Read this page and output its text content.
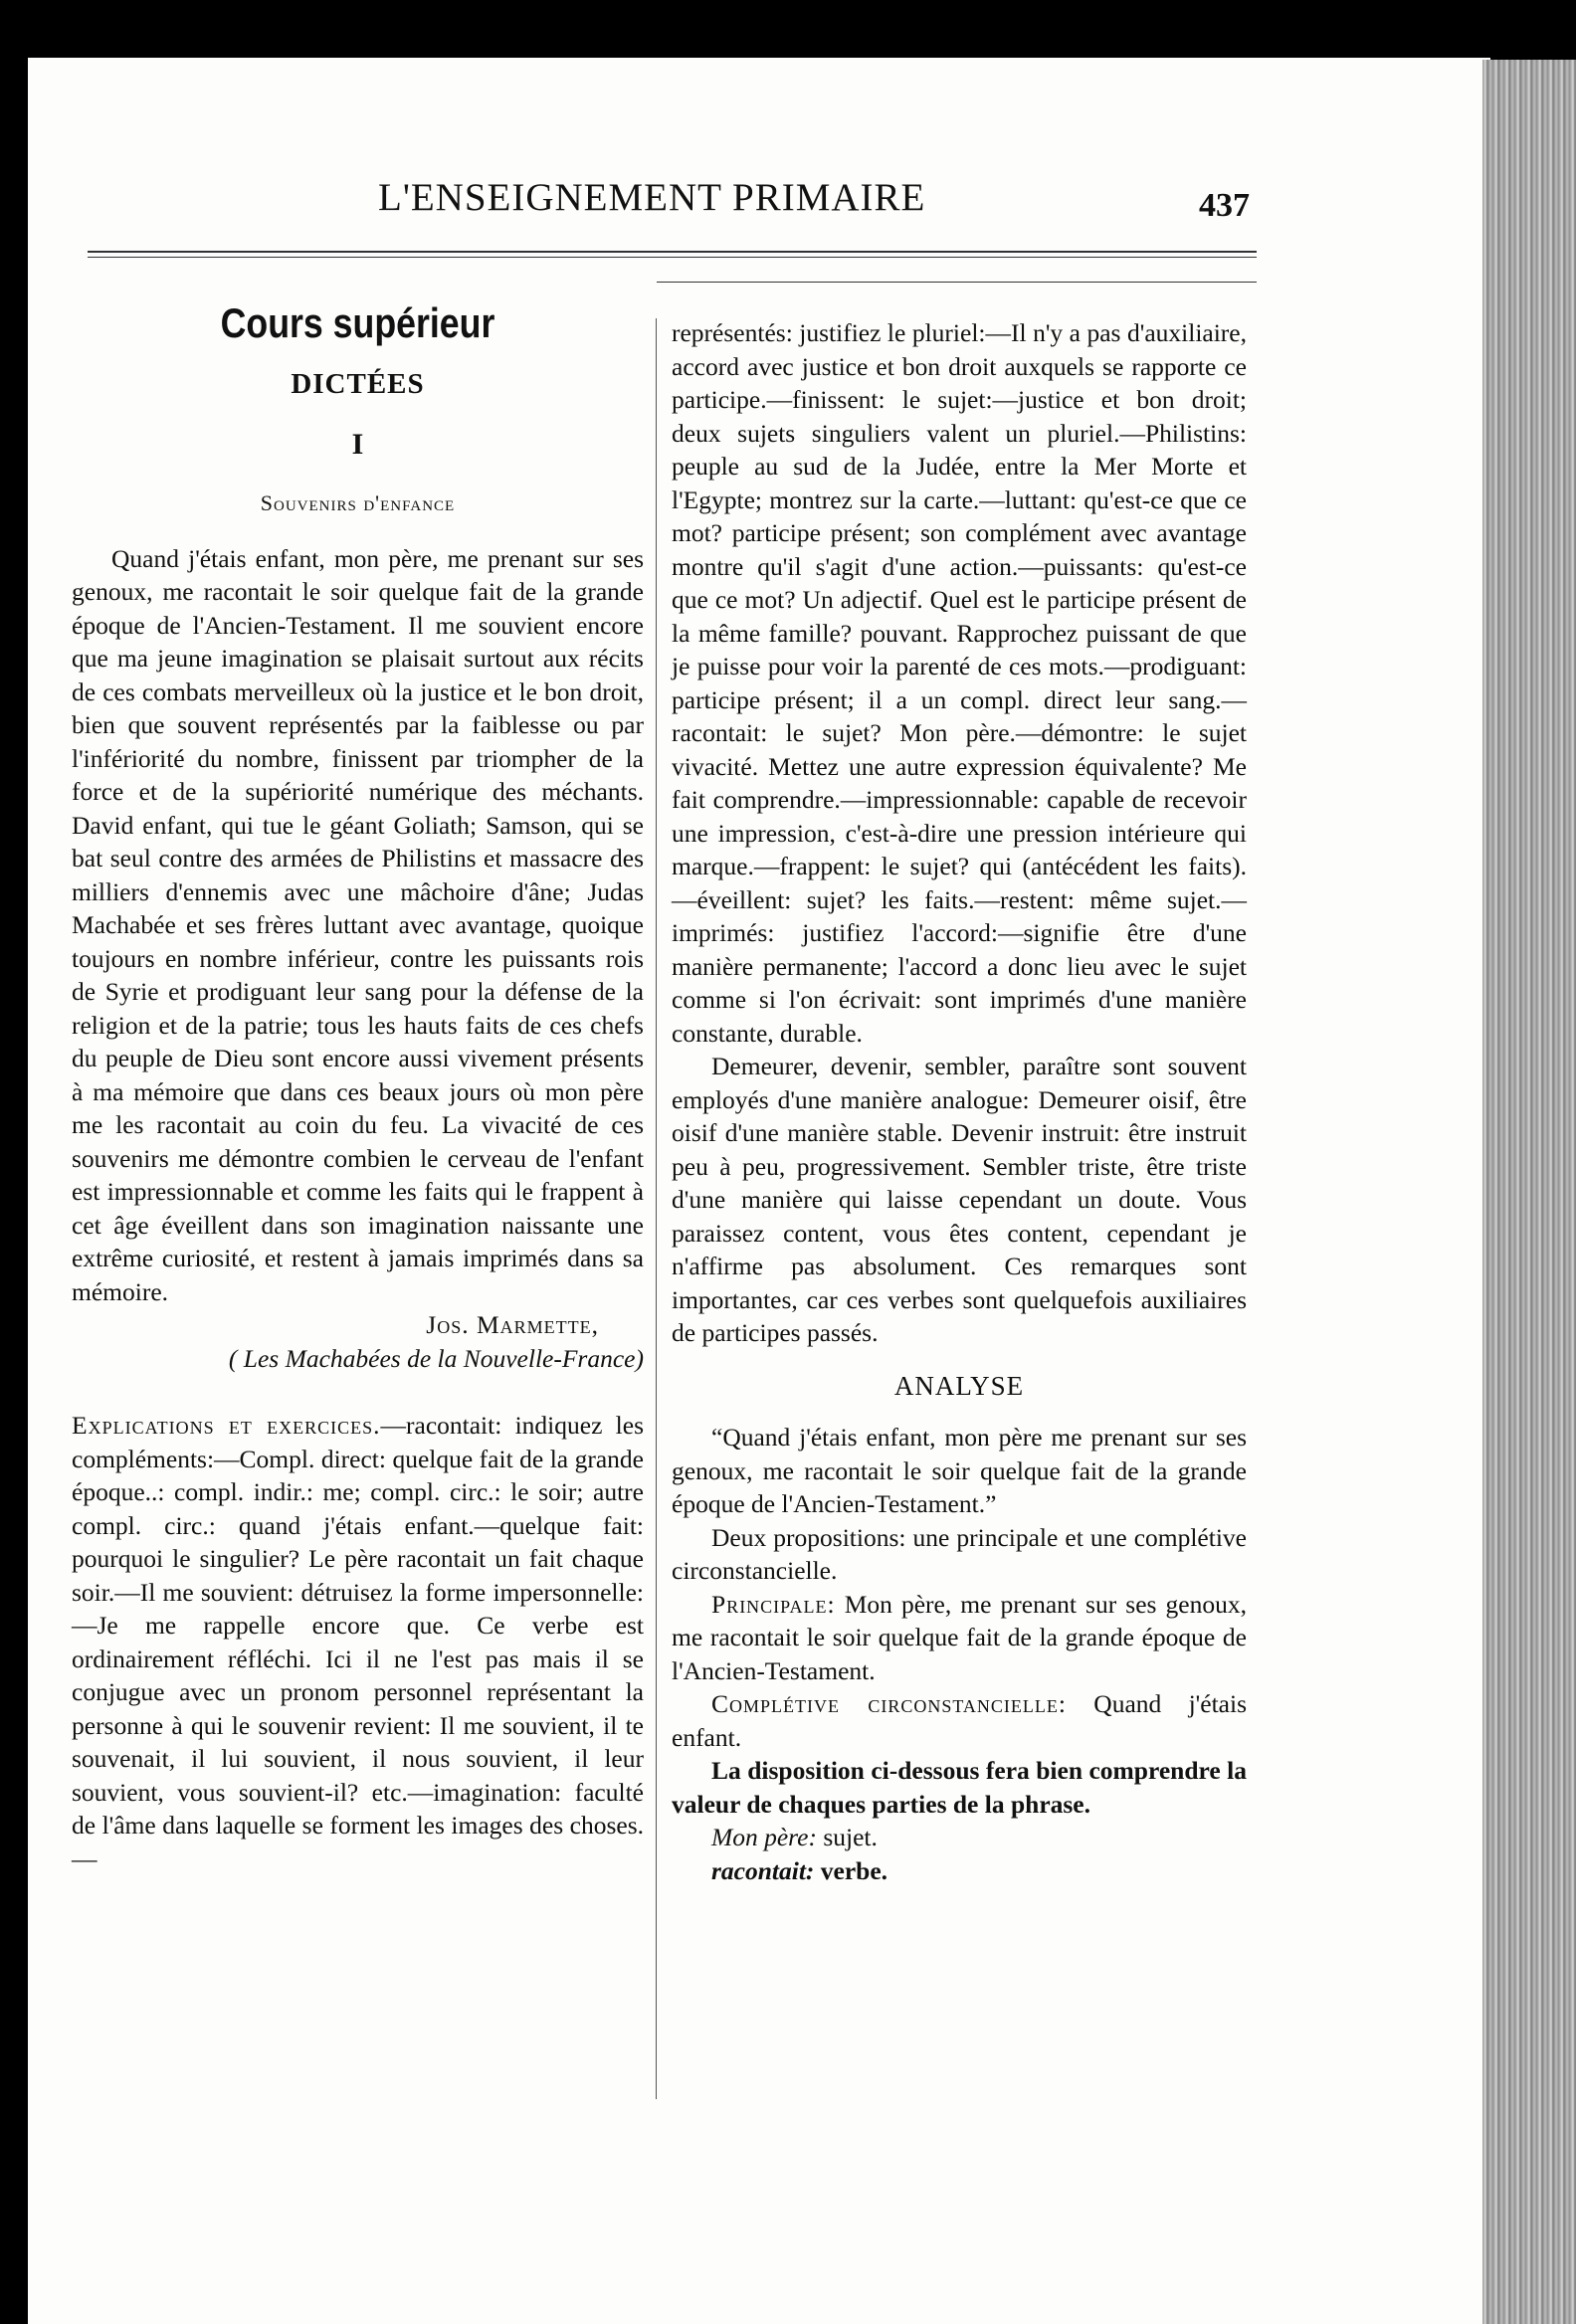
L'ENSEIGNEMENT PRIMAIRE	437
Cours supérieur
DICTÉES
I
Souvenirs d'enfance

Quand j'étais enfant, mon père, me prenant sur ses genoux, me racontait le soir quelque fait de la grande époque de l'Ancien-Testament. Il me souvient encore que ma jeune imagination se plaisait surtout aux récits de ces combats merveilleux où la justice et le bon droit, bien que souvent représentés par la faiblesse ou par l'infériorité du nombre, finissent par triompher de la force et de la supériorité numérique des méchants. David enfant, qui tue le géant Goliath; Samson, qui se bat seul contre des armées de Philistins et massacre des milliers d'ennemis avec une mâchoire d'âne; Judas Machabée et ses frères luttant avec avantage, quoique toujours en nombre inférieur, contre les puissants rois de Syrie et prodiguant leur sang pour la défense de la religion et de la patrie; tous les hauts faits de ces chefs du peuple de Dieu sont encore aussi vivement présents à ma mémoire que dans ces beaux jours où mon père me les racontait au coin du feu. La vivacité de ces souvenirs me démontre combien le cerveau de l'enfant est impressionnable et comme les faits qui le frappent à cet âge éveillent dans son imagination naissante une extrême curiosité, et restent à jamais imprimés dans sa mémoire.

Jos. Marmette,

( Les Machabées de la Nouvelle-France)

Explications et exercices.—racontait: indiquez les compléments:—Compl. direct: quelque fait de la grande époque..: compl. indir.: me; compl. circ.: le soir; autre compl. circ.: quand j'étais enfant.—quelque fait: pourquoi le singulier? Le père racontait un fait chaque soir.—Il me souvient: détruisez la forme impersonnelle:—Je me rappelle encore que. Ce verbe est ordinairement réfléchi. Ici il ne l'est pas mais il se conjugue avec un pronom personnel représentant la personne à qui le souvenir revient: Il me souvient, il te souvenait, il lui souvient, il nous souvient, il leur souvient, vous souvient-il? etc.—imagination: faculté de l'âme dans laquelle se forment les images des choses.—

représentés: justifiez le pluriel:—Il n'y a pas d'auxiliaire, accord avec justice et bon droit auxquels se rapporte ce participe.—finissent: le sujet:—justice et bon droit; deux sujets singuliers valent un pluriel.—Philistins: peuple au sud de la Judée, entre la Mer Morte et l'Egypte; montrez sur la carte.—luttant: qu'est-ce que ce mot? participe présent; son complément avec avantage montre qu'il s'agit d'une action.—puissants: qu'est-ce que ce mot? Un adjectif. Quel est le participe présent de la même famille? pouvant. Rapprochez puissant de que je puisse pour voir la parenté de ces mots.—prodiguant: participe présent; il a un compl. direct leur sang.—racontait: le sujet? Mon père.—démontre: le sujet vivacité. Mettez une autre expression équivalente? Me fait comprendre.—impressionnable: capable de recevoir une impression, c'est-à-dire une pression intérieure qui marque.—frappent: le sujet? qui (antécédent les faits).—éveillent: sujet? les faits.—restent: même sujet.—imprimés: justifiez l'accord:—signifie être d'une manière permanente; l'accord a donc lieu avec le sujet comme si l'on écrivait: sont imprimés d'une manière constante, durable.

Demeurer, devenir, sembler, paraître sont souvent employés d'une manière analogue: Demeurer oisif, être oisif d'une manière stable. Devenir instruit: être instruit peu à peu, progressivement. Sembler triste, être triste d'une manière qui laisse cependant un doute. Vous paraissez content, vous êtes content, cependant je n'affirme pas absolument. Ces remarques sont importantes, car ces verbes sont quelquefois auxiliaires de participes passés.

ANALYSE

“Quand j'étais enfant, mon père me prenant sur ses genoux, me racontait le soir quelque fait de la grande époque de l'Ancien-Testament.”

Deux propositions: une principale et une complétive circonstancielle.

Principale: Mon père, me prenant sur ses genoux, me racontait le soir quelque fait de la grande époque de l'Ancien-Testament.

Complétive circonstancielle: Quand j'étais enfant.

La disposition ci-dessous fera bien comprendre la valeur de chaques parties de la phrase.

Mon père: sujet.

racontait: verbe.
